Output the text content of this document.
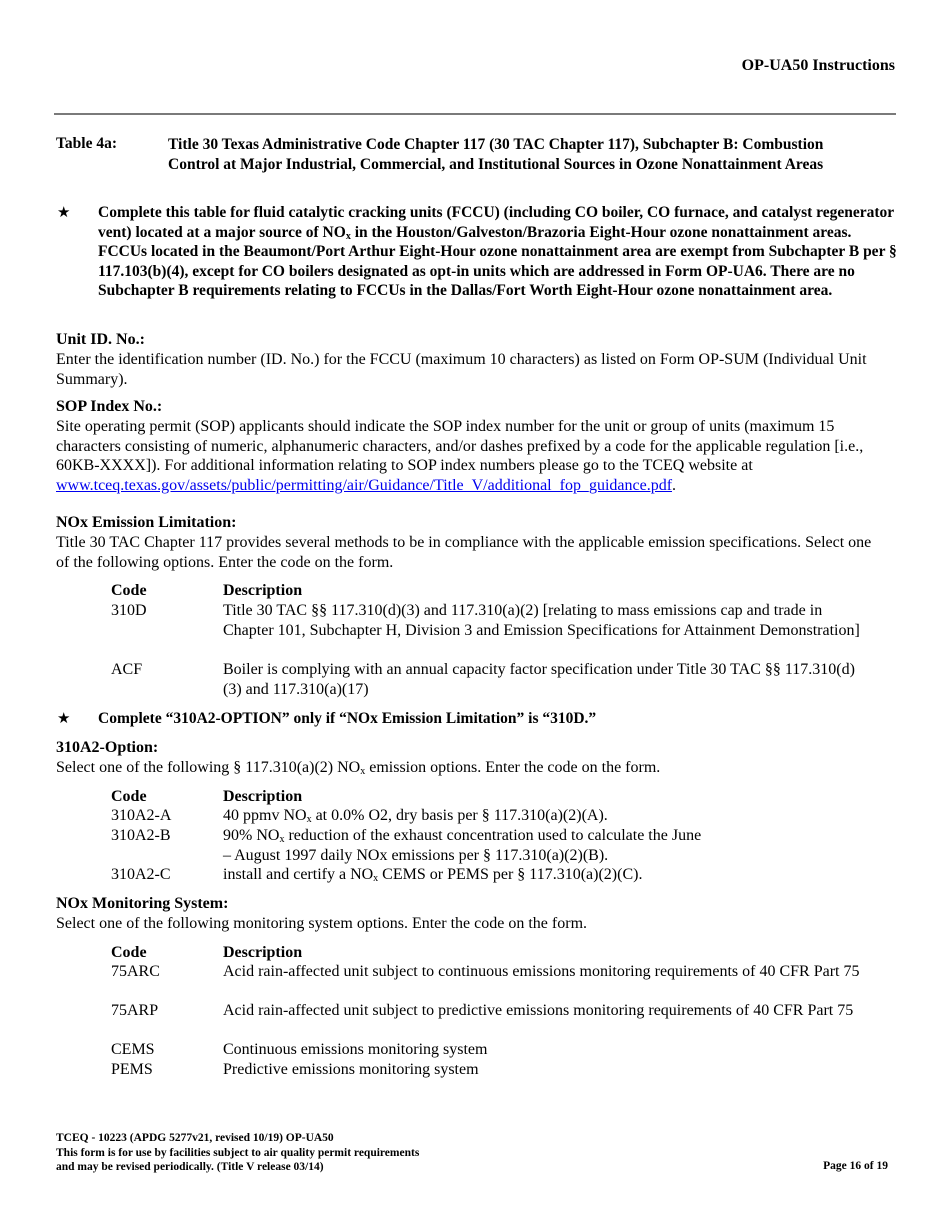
OP-UA50 Instructions
Table 4a:	Title 30 Texas Administrative Code Chapter 117 (30 TAC Chapter 117), Subchapter B: Combustion Control at Major Industrial, Commercial, and Institutional Sources in Ozone Nonattainment Areas
★ Complete this table for fluid catalytic cracking units (FCCU) (including CO boiler, CO furnace, and catalyst regenerator vent) located at a major source of $NO_x$ in the Houston/Galveston/Brazoria Eight-Hour ozone nonattainment areas. FCCUs located in the Beaumont/Port Arthur Eight-Hour ozone nonattainment area are exempt from Subchapter B per § 117.103(b)(4), except for CO boilers designated as opt-in units which are addressed in Form OP-UA6. There are no Subchapter B requirements relating to FCCUs in the Dallas/Fort Worth Eight-Hour ozone nonattainment area.
Unit ID. No.:
Enter the identification number (ID. No.) for the FCCU (maximum 10 characters) as listed on Form OP-SUM (Individual Unit Summary).
SOP Index No.:
Site operating permit (SOP) applicants should indicate the SOP index number for the unit or group of units (maximum 15 characters consisting of numeric, alphanumeric characters, and/or dashes prefixed by a code for the applicable regulation [i.e., 60KB-XXXX]). For additional information relating to SOP index numbers please go to the TCEQ website at www.tceq.texas.gov/assets/public/permitting/air/Guidance/Title_V/additional_fop_guidance.pdf.
NOx Emission Limitation:
Title 30 TAC Chapter 117 provides several methods to be in compliance with the applicable emission specifications. Select one of the following options. Enter the code on the form.
Code	Description
310D	Title 30 TAC §§ 117.310(d)(3) and 117.310(a)(2) [relating to mass emissions cap and trade in Chapter 101, Subchapter H, Division 3 and Emission Specifications for Attainment Demonstration]
ACF	Boiler is complying with an annual capacity factor specification under Title 30 TAC §§ 117.310(d)(3) and 117.310(a)(17)
★ Complete “310A2-OPTION” only if “NOx Emission Limitation” is “310D.”
310A2-Option:
Select one of the following § 117.310(a)(2) $NO_x$ emission options. Enter the code on the form.
Code	Description
310A2-A	40 ppmv $NO_x$ at 0.0% O2, dry basis per § 117.310(a)(2)(A).
310A2-B	90% $NO_x$ reduction of the exhaust concentration used to calculate the June – August 1997 daily NOx emissions per § 117.310(a)(2)(B).
310A2-C	install and certify a $NO_x$ CEMS or PEMS per § 117.310(a)(2)(C).
NOx Monitoring System:
Select one of the following monitoring system options. Enter the code on the form.
Code	Description
75ARC	Acid rain-affected unit subject to continuous emissions monitoring requirements of 40 CFR Part 75
75ARP	Acid rain-affected unit subject to predictive emissions monitoring requirements of 40 CFR Part 75
CEMS	Continuous emissions monitoring system
PEMS	Predictive emissions monitoring system
TCEQ - 10223 (APDG 5277v21, revised 10/19) OP-UA50
This form is for use by facilities subject to air quality permit requirements
and may be revised periodically. (Title V release 03/14)	Page 16 of 19
